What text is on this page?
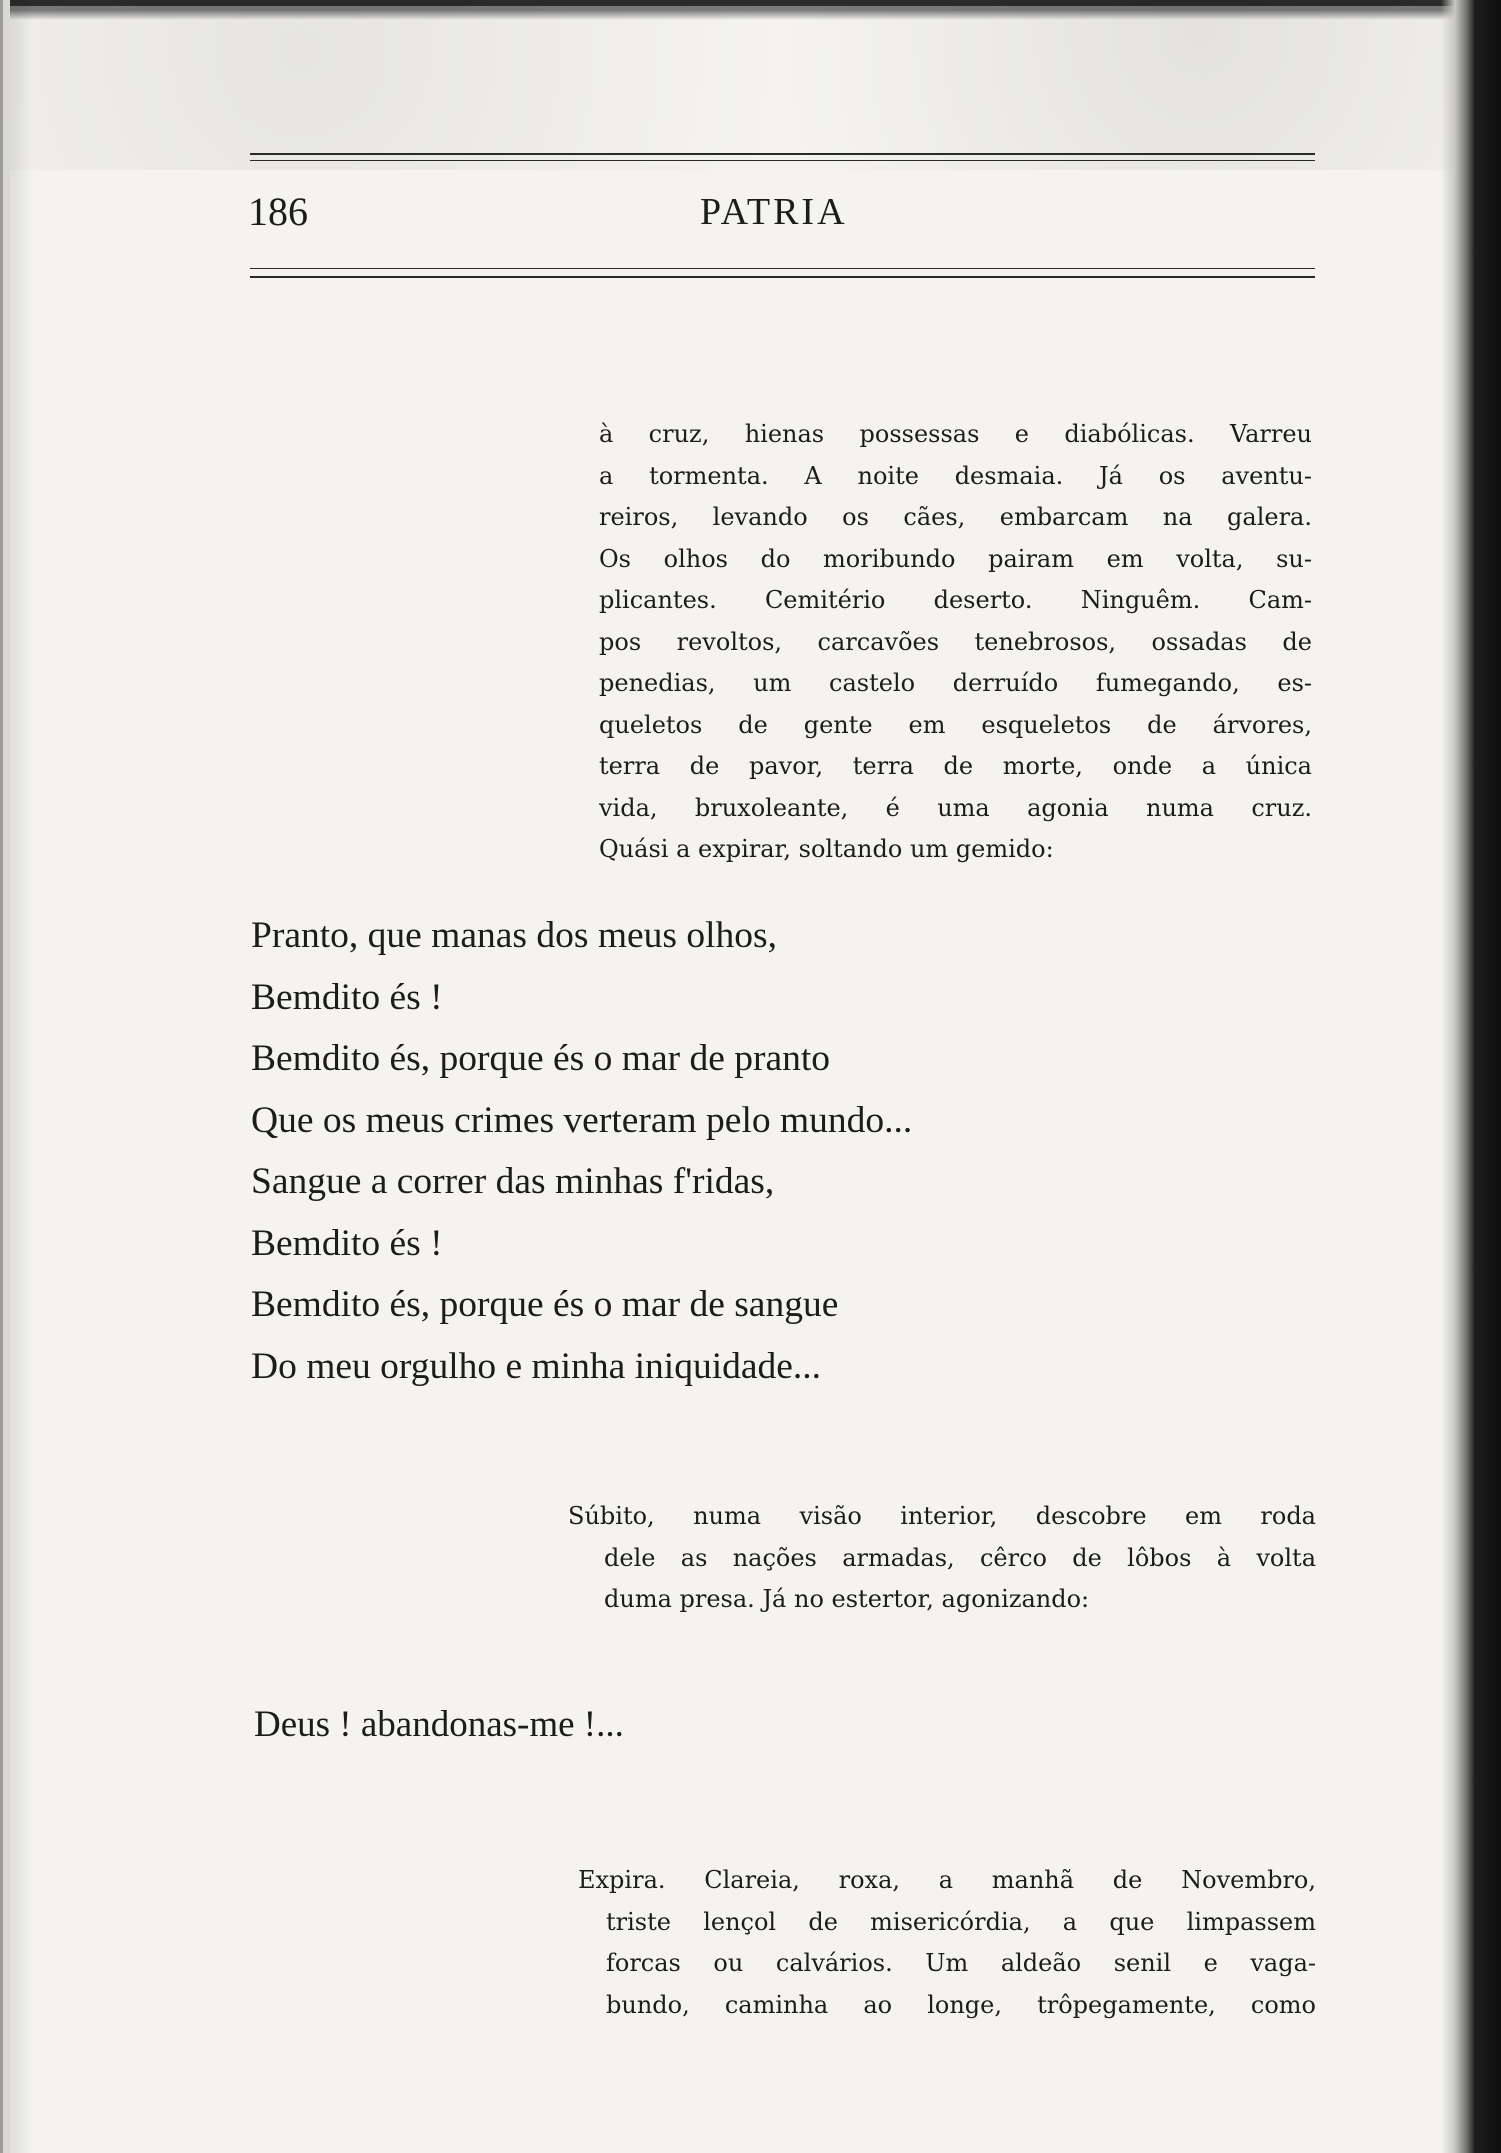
186	PATRIA

à cruz, hienas possessas e diabólicas. Varreu

a tormenta. A noite desmaia. Já os aventu-

reiros, levando os cães, embarcam na galera.

Os olhos do moribundo pairam em volta, su-

plicantes. Cemitério deserto. Ninguêm. Cam-

pos revoltos, carcavões tenebrosos, ossadas de

penedias, um castelo derruído fumegando, es-

queletos de gente em esqueletos de árvores,

terra de pavor, terra de morte, onde a única

vida, bruxoleante, é uma agonia numa cruz.

Quási a expirar, soltando um gemido:

Pranto, que manas dos meus olhos,
Bemdito és !
Bemdito és, porque és o mar de pranto
Que os meus crimes verteram pelo mundo...
Sangue a correr das minhas f'ridas,
Bemdito és !
Bemdito és, porque és o mar de sangue
Do meu orgulho e minha iniquidade...

Súbito, numa visão interior, descobre em roda

dele as nações armadas, cêrco de lôbos à volta

duma presa. Já no estertor, agonizando:

Deus ! abandonas-me !...

Expira. Clareia, roxa, a manhã de Novembro,

triste lençol de misericórdia, a que limpassem

forcas ou calvários. Um aldeão senil e vaga-

bundo, caminha ao longe, trôpegamente, como
